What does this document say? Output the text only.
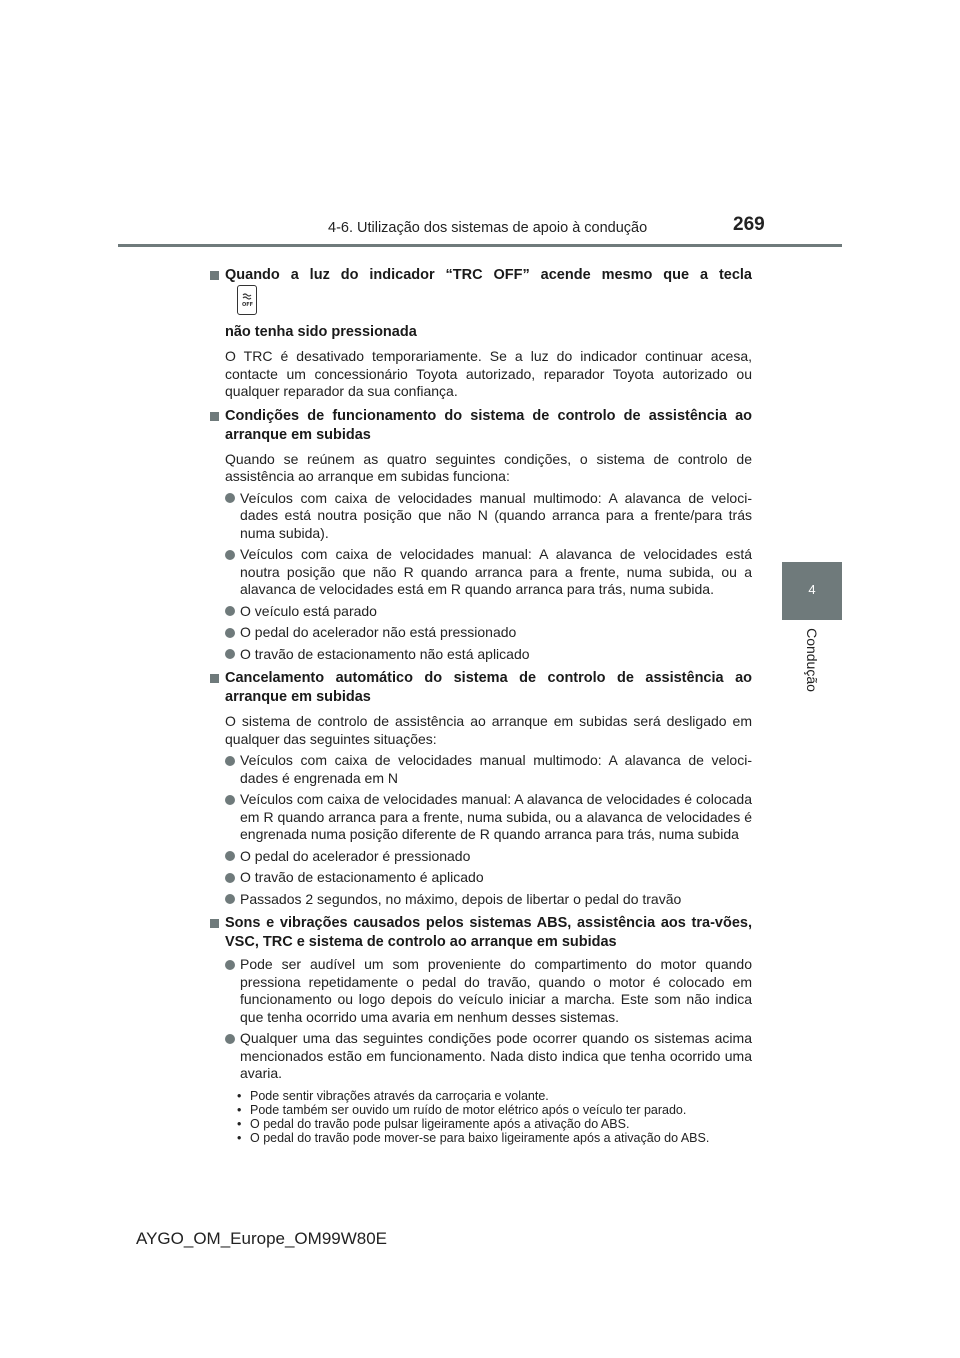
4-6. Utilização dos sistemas de apoio à condução	269
4
Condução
Quando a luz do indicador “TRC OFF” acende mesmo que a tecla
OFF
não tenha sido pressionada
O TRC é desativado temporariamente. Se a luz do indicador continuar acesa, contacte um concessionário Toyota autorizado, reparador Toyota autorizado ou qualquer reparador da sua confiança.
Condições de funcionamento do sistema de controlo de assistência ao arranque em subidas
Quando se reúnem as quatro seguintes condições, o sistema de controlo de assistência ao arranque em subidas funciona:
Veículos com caixa de velocidades manual multimodo: A alavanca de veloci-dades está noutra posição que não N (quando arranca para a frente/para trás numa subida).
Veículos com caixa de velocidades manual: A alavanca de velocidades está noutra posição que não R quando arranca para a frente, numa subida, ou a alavanca de velocidades está em R quando arranca para trás, numa subida.
O veículo está parado
O pedal do acelerador não está pressionado
O travão de estacionamento não está aplicado
Cancelamento automático do sistema de controlo de assistência ao arranque em subidas
O sistema de controlo de assistência ao arranque em subidas será desligado em qualquer das seguintes situações:
Veículos com caixa de velocidades manual multimodo: A alavanca de veloci-dades é engrenada em N
Veículos com caixa de velocidades manual: A alavanca de velocidades é colocada em R quando arranca para a frente, numa subida, ou a alavanca de velocidades é engrenada numa posição diferente de R quando arranca para trás, numa subida
O pedal do acelerador é pressionado
O travão de estacionamento é aplicado
Passados 2 segundos, no máximo, depois de libertar o pedal do travão
Sons e vibrações causados pelos sistemas ABS, assistência aos tra-vões, VSC, TRC e sistema de controlo ao arranque em subidas
Pode ser audível um som proveniente do compartimento do motor quando pressiona repetidamente o pedal do travão, quando o motor é colocado em funcionamento ou logo depois do veículo iniciar a marcha. Este som não indica que tenha ocorrido uma avaria em nenhum desses sistemas.
Qualquer uma das seguintes condições pode ocorrer quando os sistemas acima mencionados estão em funcionamento. Nada disto indica que tenha ocorrido uma avaria.
• Pode sentir vibrações através da carroçaria e volante.
• Pode também ser ouvido um ruído de motor elétrico após o veículo ter parado.
• O pedal do travão pode pulsar ligeiramente após a ativação do ABS.
• O pedal do travão pode mover-se para baixo ligeiramente após a ativação do ABS.
AYGO_OM_Europe_OM99W80E
